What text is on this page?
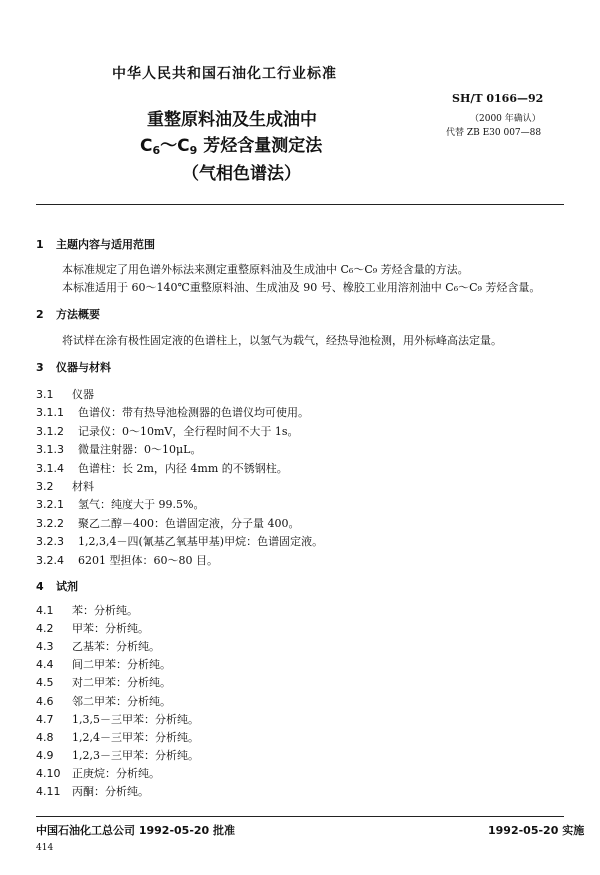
中华人民共和国石油化工行业标准
SH/T 0166—92
（2000 年确认）
代替 ZB E30 007—88
重整原料油及生成油中
$C_6\sim C_9$ 芳烃含量测定法
（气相色谱法）
1 主题内容与适用范围
本标准规定了用色谱外标法来测定重整原料油及生成油中 C₆～C₉ 芳烃含量的方法。
本标准适用于 60～140℃重整原料油、生成油及 90 号、橡胶工业用溶剂油中 C₆～C₉ 芳烃含量。
2 方法概要
将试样在涂有极性固定液的色谱柱上，以氢气为载气，经热导池检测，用外标峰高法定量。
3 仪器与材料
3.1 仪器
3.1.1 色谱仪：带有热导池检测器的色谱仪均可使用。
3.1.2 记录仪：0～10mV，全行程时间不大于 1s。
3.1.3 微量注射器：0～10μL。
3.1.4 色谱柱：长 2m，内径 4mm 的不锈钢柱。
3.2 材料
3.2.1 氢气：纯度大于 99.5%。
3.2.2 聚乙二醇－400：色谱固定液，分子量 400。
3.2.3 1,2,3,4－四(氰基乙氧基甲基)甲烷：色谱固定液。
3.2.4 6201 型担体：60～80 目。
4 试剂
4.1 苯：分析纯。
4.2 甲苯：分析纯。
4.3 乙基苯：分析纯。
4.4 间二甲苯：分析纯。
4.5 对二甲苯：分析纯。
4.6 邻二甲苯：分析纯。
4.7 1,3,5－三甲苯：分析纯。
4.8 1,2,4－三甲苯：分析纯。
4.9 1,2,3－三甲苯：分析纯。
4.10 正庚烷：分析纯。
4.11 丙酮：分析纯。
中国石油化工总公司 1992-05-20 批准	1992-05-20 实施
414
